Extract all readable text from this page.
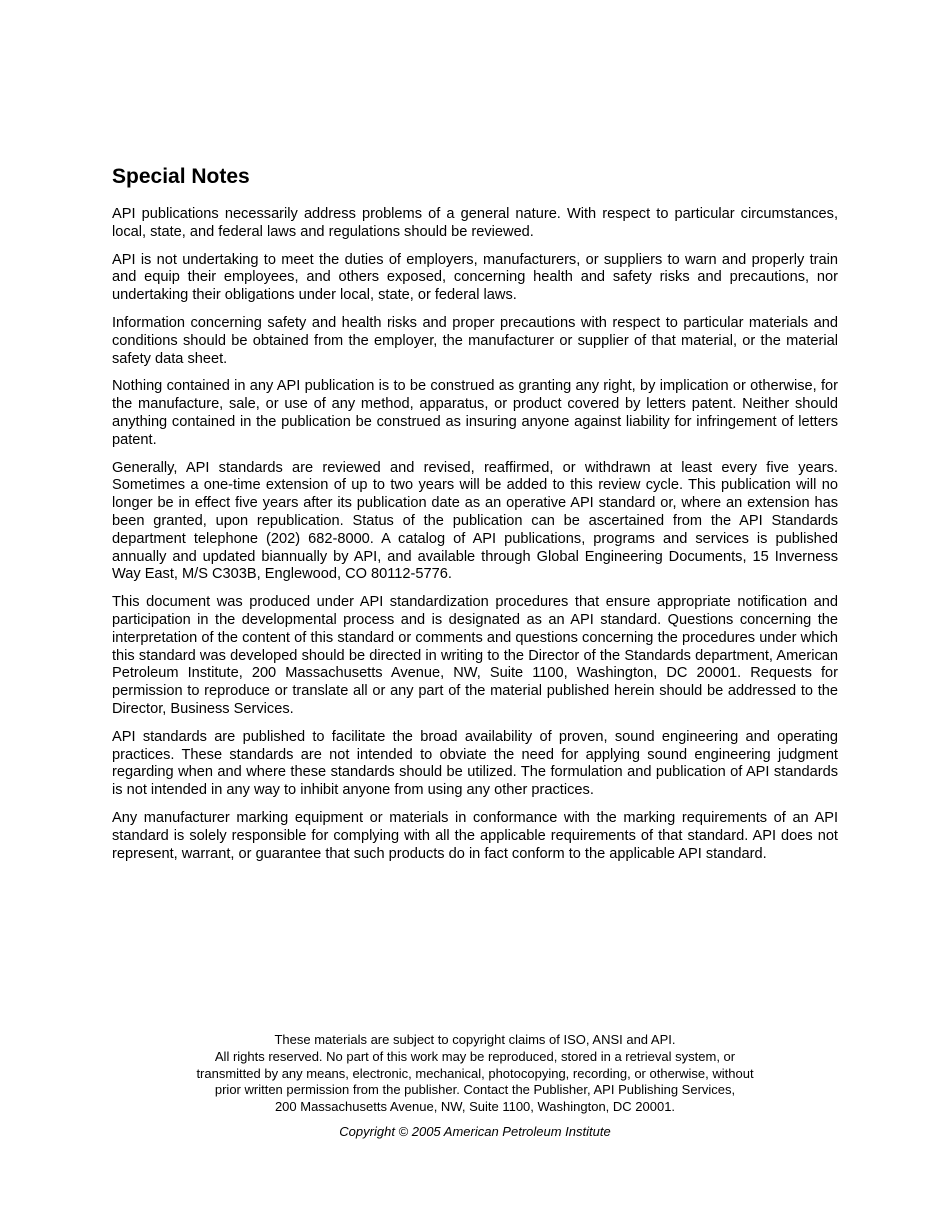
Special Notes

API publications necessarily address problems of a general nature. With respect to particular circumstances, local, state, and federal laws and regulations should be reviewed.

API is not undertaking to meet the duties of employers, manufacturers, or suppliers to warn and properly train and equip their employees, and others exposed, concerning health and safety risks and precautions, nor undertaking their obligations under local, state, or federal laws.

Information concerning safety and health risks and proper precautions with respect to particular materials and conditions should be obtained from the employer, the manufacturer or supplier of that material, or the material safety data sheet.

Nothing contained in any API publication is to be construed as granting any right, by implication or otherwise, for the manufacture, sale, or use of any method, apparatus, or product covered by letters patent. Neither should anything contained in the publication be construed as insuring anyone against liability for infringement of letters patent.

Generally, API standards are reviewed and revised, reaffirmed, or withdrawn at least every five years. Sometimes a one-time extension of up to two years will be added to this review cycle. This publication will no longer be in effect five years after its publication date as an operative API standard or, where an extension has been granted, upon republication. Status of the publication can be ascertained from the API Standards department telephone (202) 682-8000. A catalog of API publications, programs and services is published annually and updated biannually by API, and available through Global Engineering Documents, 15 Inverness Way East, M/S C303B, Englewood, CO 80112-5776.

This document was produced under API standardization procedures that ensure appropriate notification and participation in the developmental process and is designated as an API standard. Questions concerning the interpretation of the content of this standard or comments and questions concerning the procedures under which this standard was developed should be directed in writing to the Director of the Standards department, American Petroleum Institute, 200 Massachusetts Avenue, NW, Suite 1100, Washington, DC 20001. Requests for permission to reproduce or translate all or any part of the material published herein should be addressed to the Director, Business Services.

API standards are published to facilitate the broad availability of proven, sound engineering and operating practices. These standards are not intended to obviate the need for applying sound engineering judgment regarding when and where these standards should be utilized. The formulation and publication of API standards is not intended in any way to inhibit anyone from using any other practices.

Any manufacturer marking equipment or materials in conformance with the marking requirements of an API standard is solely responsible for complying with all the applicable requirements of that standard. API does not represent, warrant, or guarantee that such products do in fact conform to the applicable API standard.

These materials are subject to copyright claims of ISO, ANSI and API.
All rights reserved. No part of this work may be reproduced, stored in a retrieval system, or
transmitted by any means, electronic, mechanical, photocopying, recording, or otherwise, without
prior written permission from the publisher. Contact the Publisher, API Publishing Services,
200 Massachusetts Avenue, NW, Suite 1100, Washington, DC 20001.
Copyright © 2005 American Petroleum Institute
